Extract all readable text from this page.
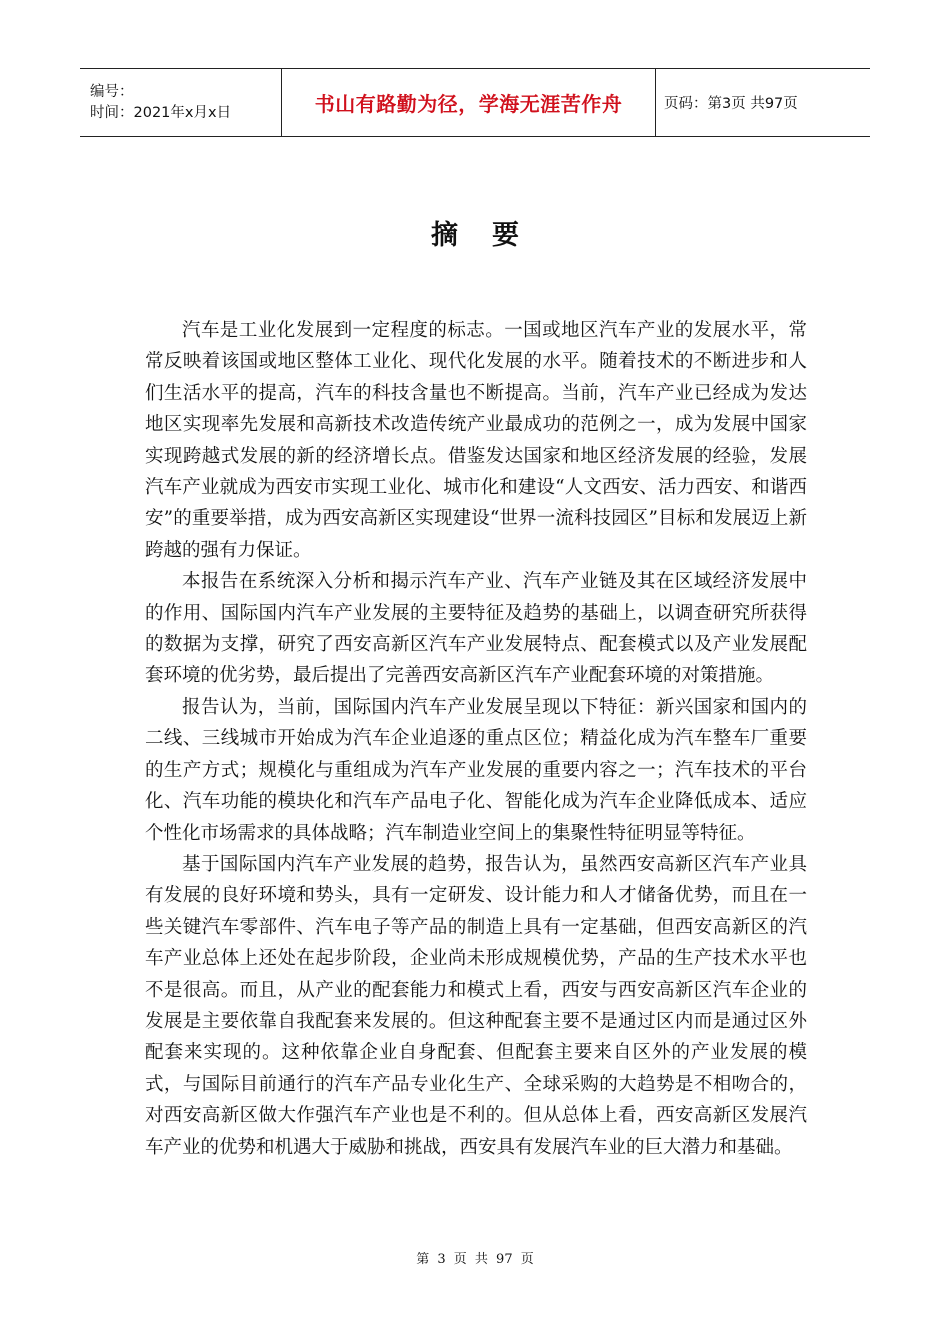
编号：
时间：2021年x月x日	书山有路勤为径，学海无涯苦作舟	页码：第3页 共97页
摘要

汽车是工业化发展到一定程度的标志。一国或地区汽车产业的发展水平，常常反映着该国或地区整体工业化、现代化发展的水平。随着技术的不断进步和人们生活水平的提高，汽车的科技含量也不断提高。当前，汽车产业已经成为发达地区实现率先发展和高新技术改造传统产业最成功的范例之一，成为发展中国家实现跨越式发展的新的经济增长点。借鉴发达国家和地区经济发展的经验，发展汽车产业就成为西安市实现工业化、城市化和建设“人文西安、活力西安、和谐西安”的重要举措，成为西安高新区实现建设“世界一流科技园区”目标和发展迈上新跨越的强有力保证。

本报告在系统深入分析和揭示汽车产业、汽车产业链及其在区域经济发展中的作用、国际国内汽车产业发展的主要特征及趋势的基础上，以调查研究所获得的数据为支撑，研究了西安高新区汽车产业发展特点、配套模式以及产业发展配套环境的优劣势，最后提出了完善西安高新区汽车产业配套环境的对策措施。

报告认为，当前，国际国内汽车产业发展呈现以下特征：新兴国家和国内的二线、三线城市开始成为汽车企业追逐的重点区位；精益化成为汽车整车厂重要的生产方式；规模化与重组成为汽车产业发展的重要内容之一；汽车技术的平台化、汽车功能的模块化和汽车产品电子化、智能化成为汽车企业降低成本、适应个性化市场需求的具体战略；汽车制造业空间上的集聚性特征明显等特征。

基于国际国内汽车产业发展的趋势，报告认为，虽然西安高新区汽车产业具有发展的良好环境和势头，具有一定研发、设计能力和人才储备优势，而且在一些关键汽车零部件、汽车电子等产品的制造上具有一定基础，但西安高新区的汽车产业总体上还处在起步阶段，企业尚未形成规模优势，产品的生产技术水平也不是很高。而且，从产业的配套能力和模式上看，西安与西安高新区汽车企业的发展是主要依靠自我配套来发展的。但这种配套主要不是通过区内而是通过区外配套来实现的。这种依靠企业自身配套、但配套主要来自区外的产业发展的模式，与国际目前通行的汽车产品专业化生产、全球采购的大趋势是不相吻合的，对西安高新区做大作强汽车产业也是不利的。但从总体上看，西安高新区发展汽车产业的优势和机遇大于威胁和挑战，西安具有发展汽车业的巨大潜力和基础。

第 3 页 共 97 页
